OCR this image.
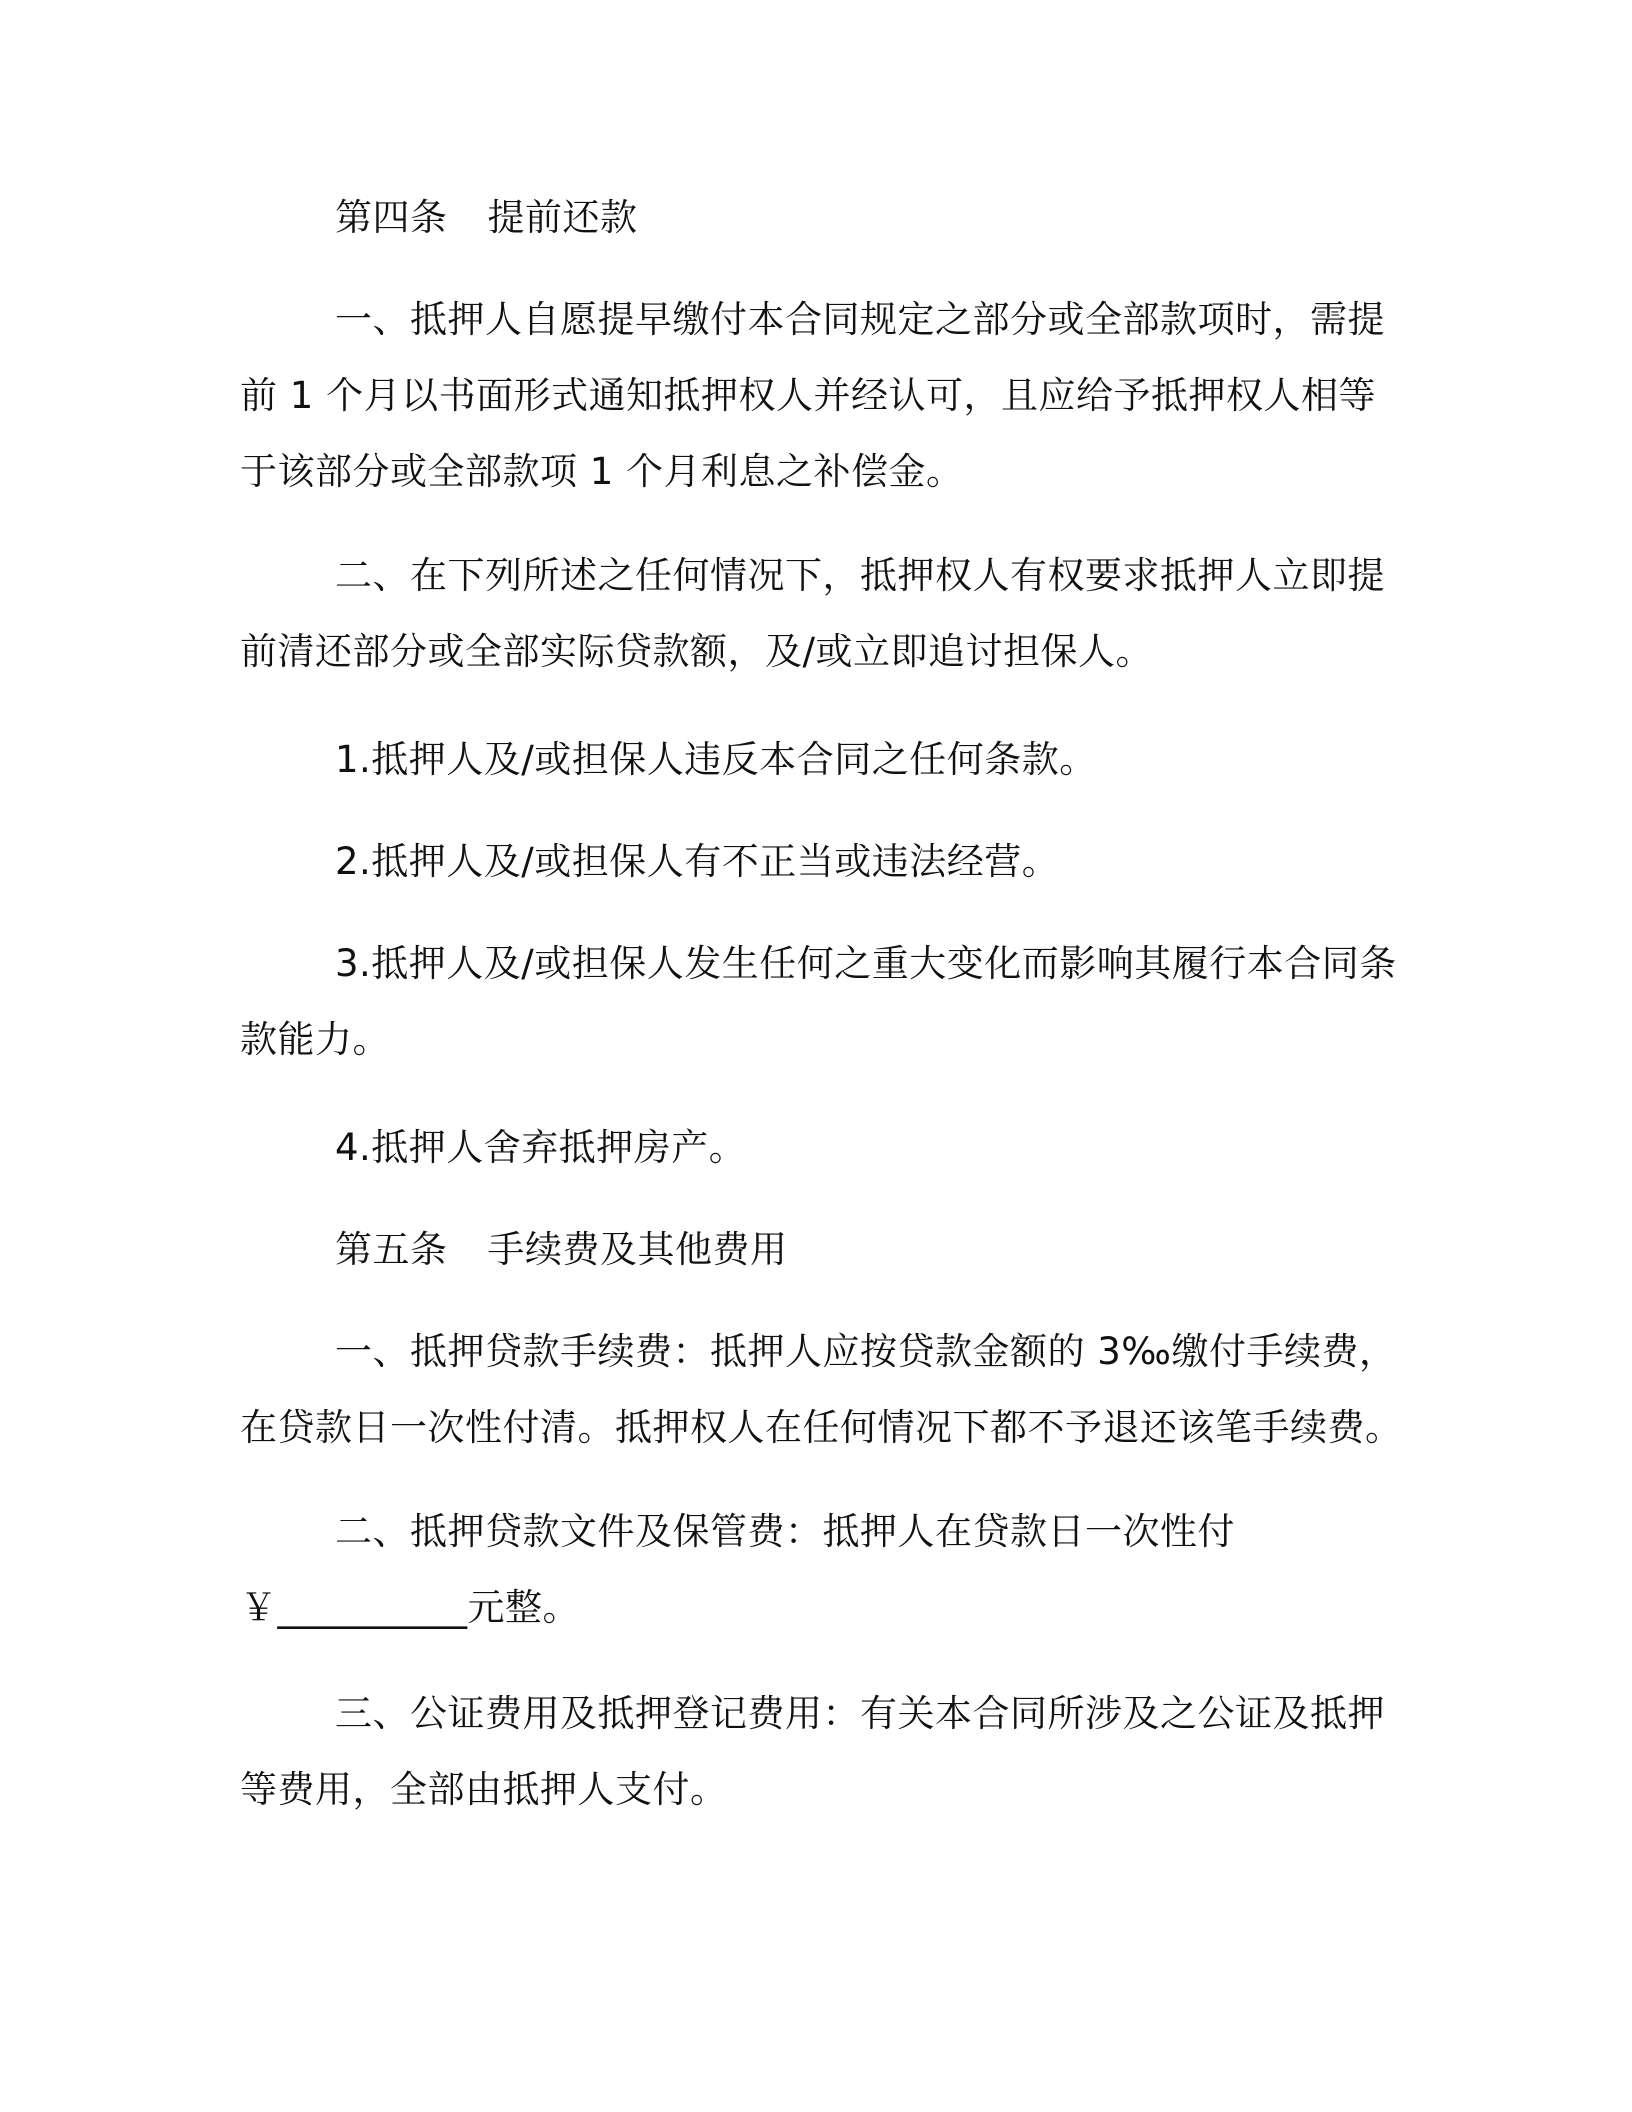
第四条 提前还款
一、抵押人自愿提早缴付本合同规定之部分或全部款项时，需提
前 1 个月以书面形式通知抵押权人并经认可，且应给予抵押权人相等
于该部分或全部款项 1 个月利息之补偿金。
二、在下列所述之任何情况下，抵押权人有权要求抵押人立即提
前清还部分或全部实际贷款额，及/或立即追讨担保人。
1.抵押人及/或担保人违反本合同之任何条款。
2.抵押人及/或担保人有不正当或违法经营。
3.抵押人及/或担保人发生任何之重大变化而影响其履行本合同条
款能力。
4.抵押人舍弃抵押房产。
第五条 手续费及其他费用
一、抵押贷款手续费：抵押人应按贷款金额的 3‰缴付手续费，
在贷款日一次性付清。抵押权人在任何情况下都不予退还该笔手续费。
二、抵押贷款文件及保管费：抵押人在贷款日一次性付
￥__________元整。
三、公证费用及抵押登记费用：有关本合同所涉及之公证及抵押
等费用，全部由抵押人支付。
